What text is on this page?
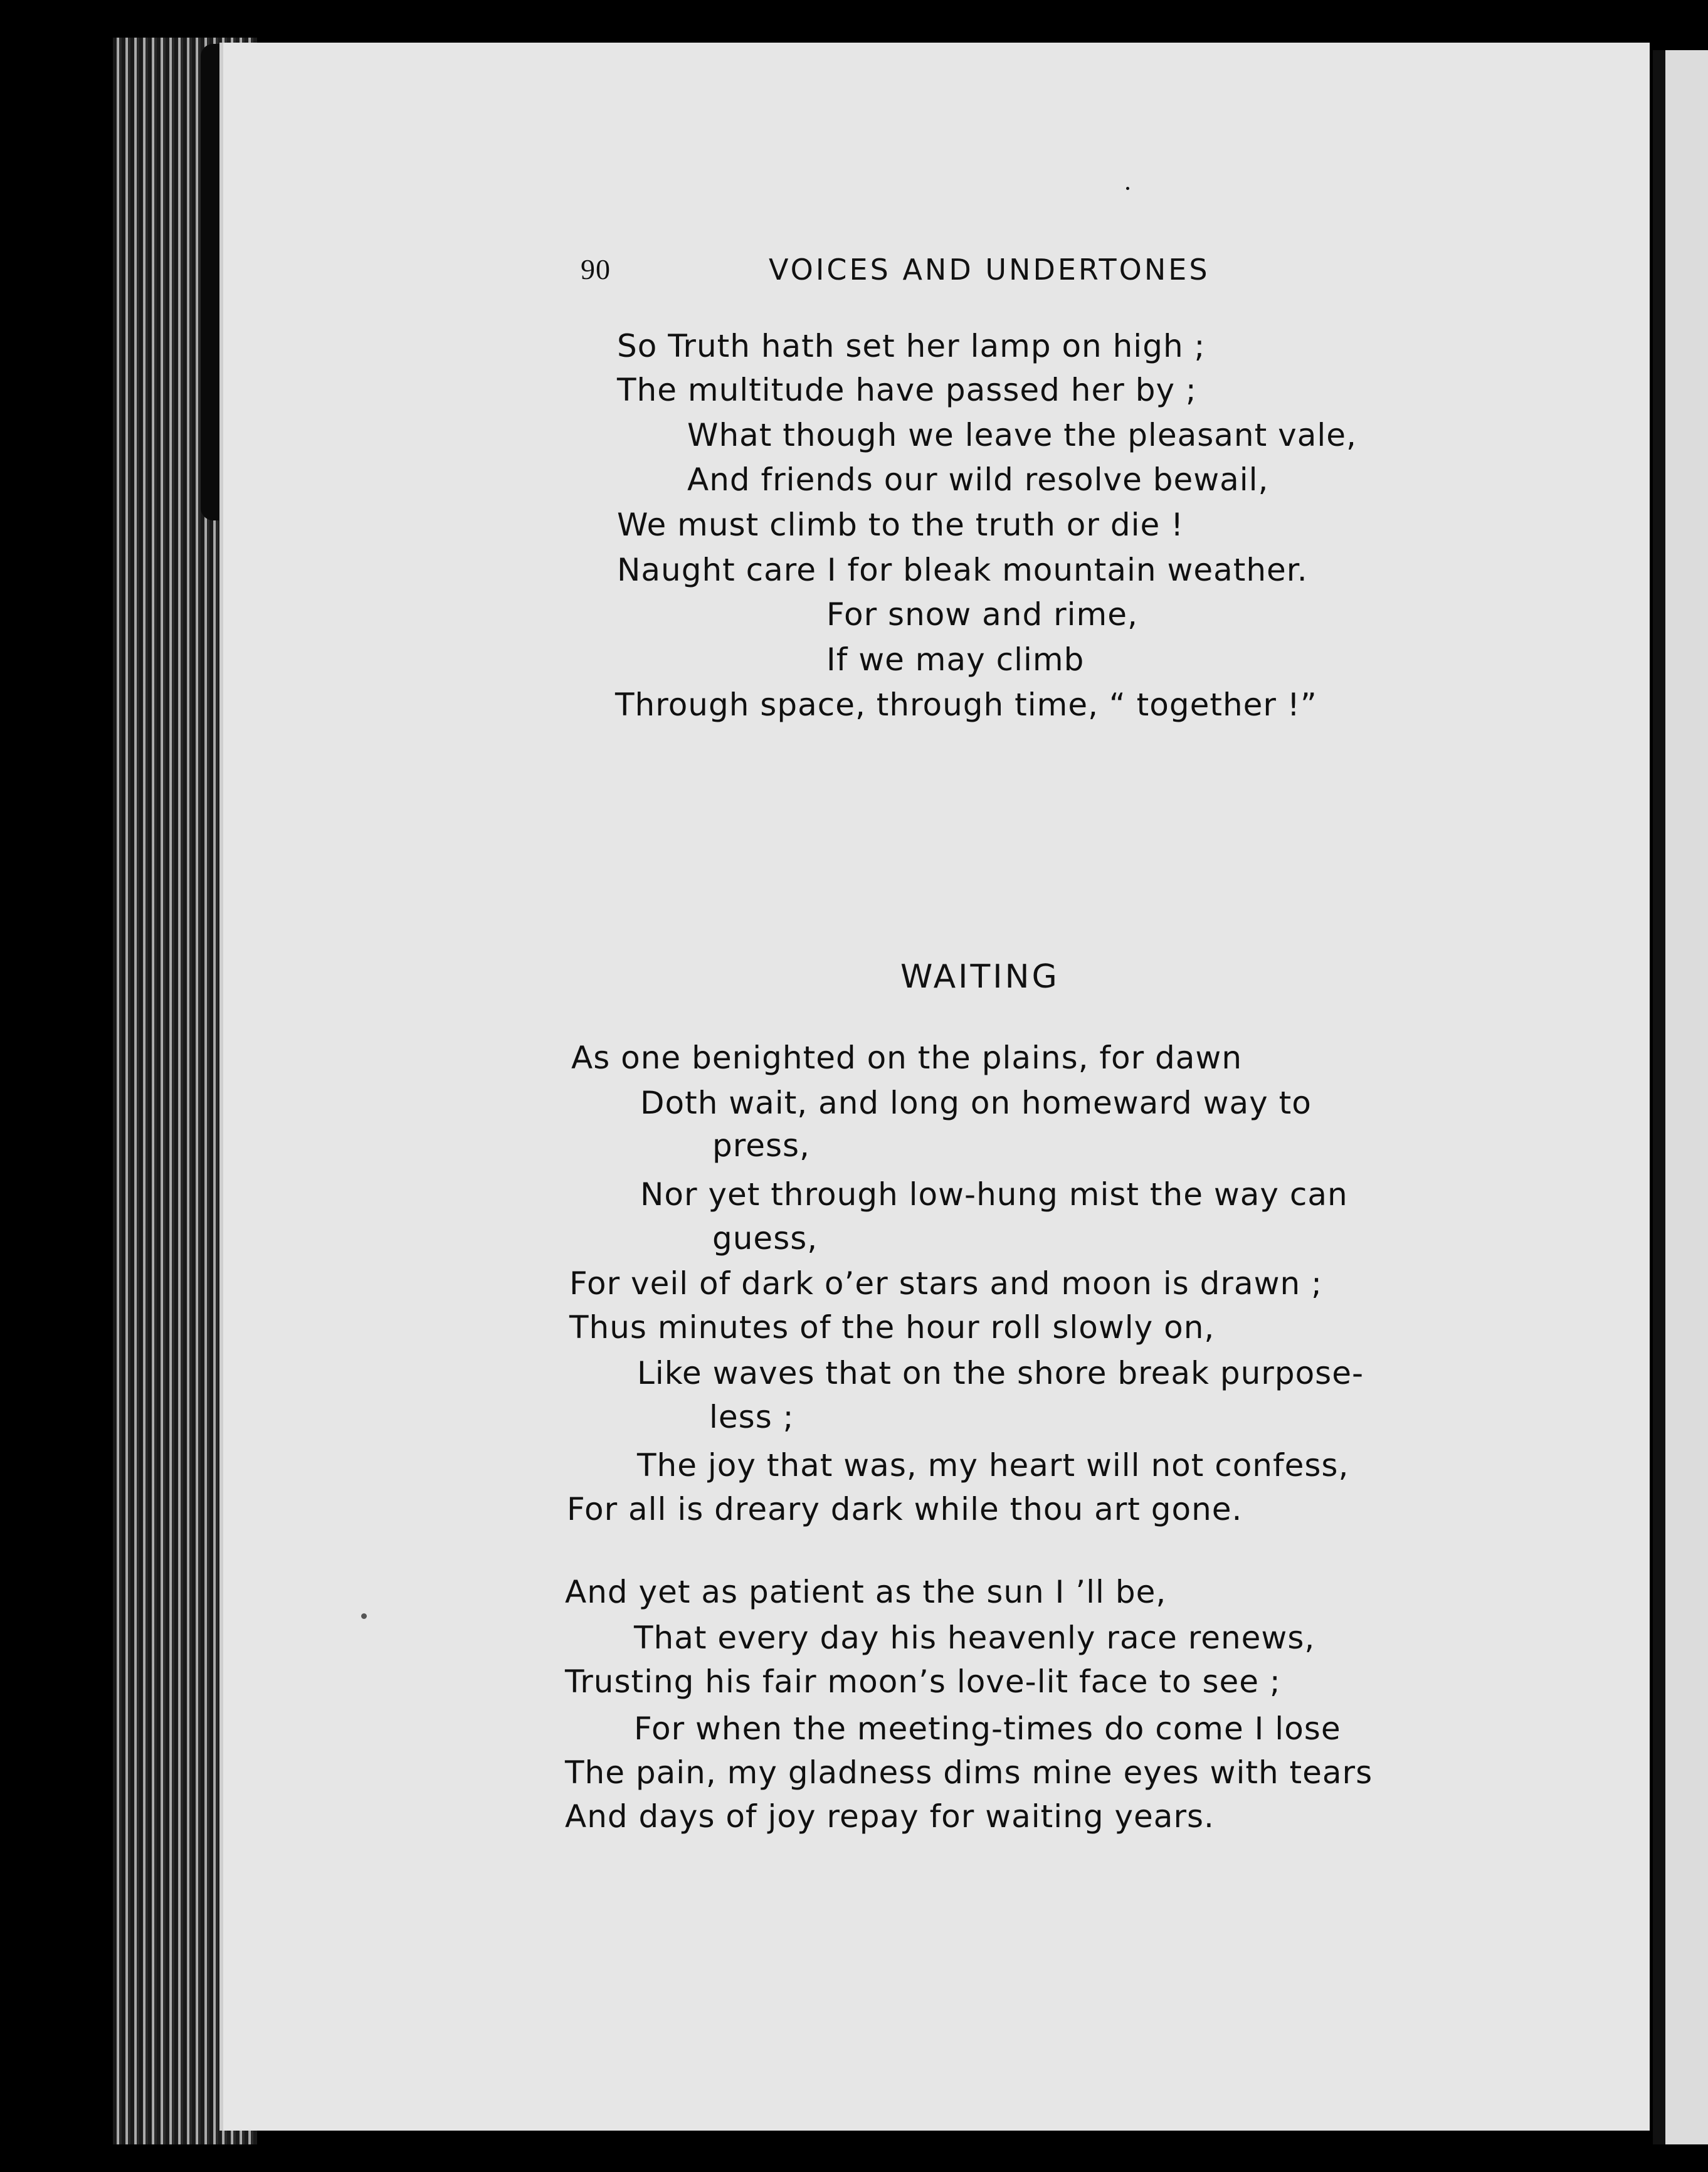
90	VOICES AND UNDERTONES
So Truth hath set her lamp on high ;
The multitude have passed her by ;
What though we leave the pleasant vale,
And friends our wild resolve bewail,
We must climb to the truth or die !
Naught care I for bleak mountain weather.
For snow and rime,
If we may climb
Through space, through time, “ together !”
WAITING
As one benighted on the plains, for dawn
Doth wait, and long on homeward way to
press,
Nor yet through low-hung mist the way can
guess,
For veil of dark o’er stars and moon is drawn ;
Thus minutes of the hour roll slowly on,
Like waves that on the shore break purpose-
less ;
The joy that was, my heart will not confess,
For all is dreary dark while thou art gone.
And yet as patient as the sun I ’ll be,
That every day his heavenly race renews,
Trusting his fair moon’s love-lit face to see ;
For when the meeting-times do come I lose
The pain, my gladness dims mine eyes with tears
And days of joy repay for waiting years.
